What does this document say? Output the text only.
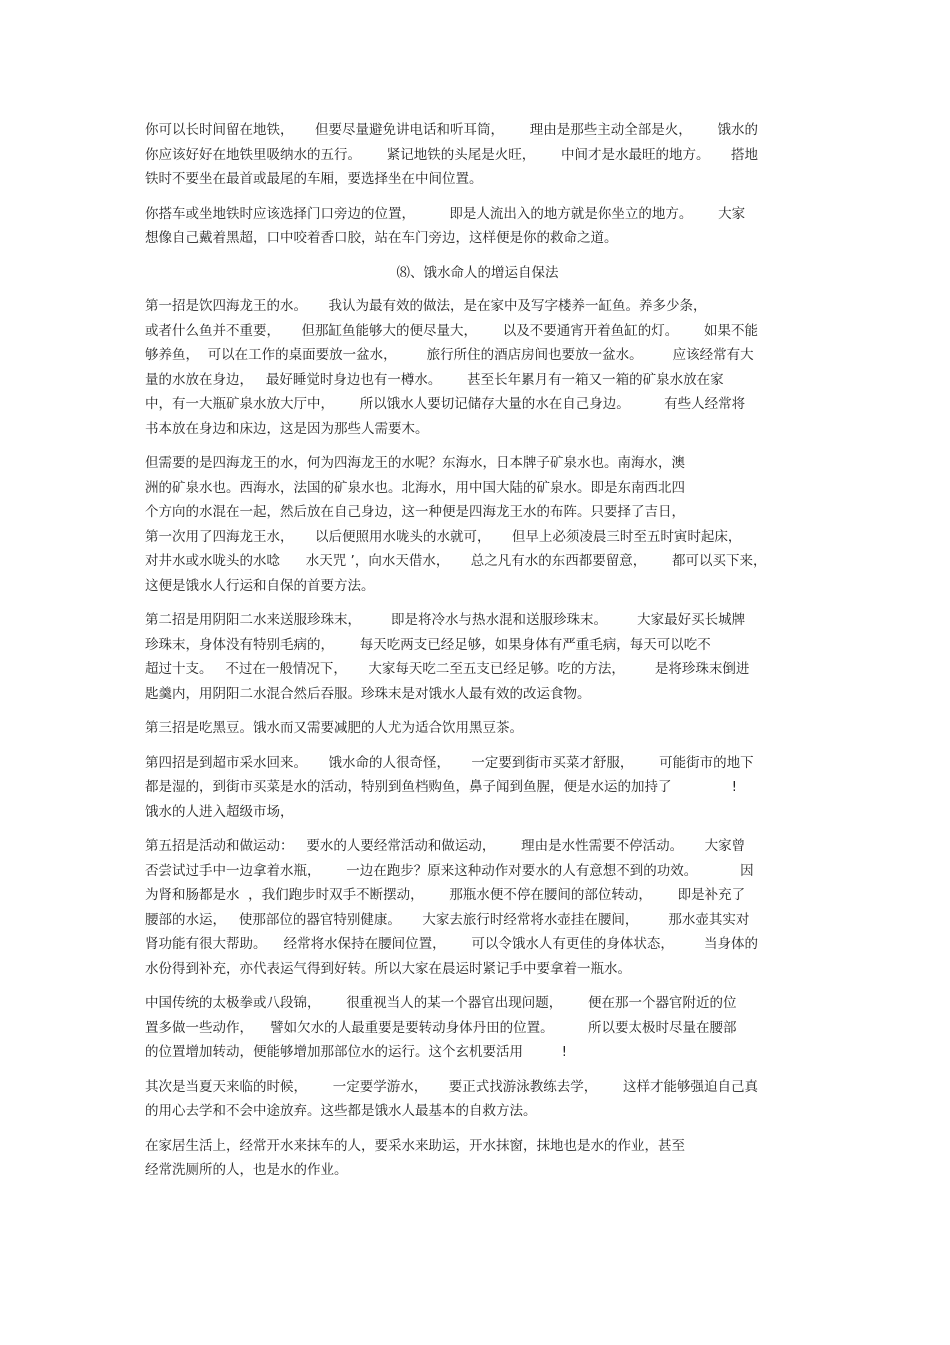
你可以长时间留在地铁，     但要尽量避免讲电话和听耳筒，      理由是那些主动全部是火，      饿水的
你应该好好在地铁里吸纳水的五行。      紧记地铁的头尾是火旺，      中间才是水最旺的地方。     搭地
铁时不要坐在最首或最尾的车厢，要选择坐在中间位置。
你搭车或坐地铁时应该选择门口旁边的位置，        即是人流出入的地方就是你坐立的地方。      大家
想像自己戴着黑超，口中咬着香口胶，站在车门旁边，这样便是你的救命之道。
⑻、饿水命人的增运自保法
第一招是饮四海龙王的水。     我认为最有效的做法，是在家中及写字楼养一缸鱼。养多少条，
或者什么鱼并不重要，     但那缸鱼能够大的便尽量大，      以及不要通宵开着鱼缸的灯。      如果不能
够养鱼，  可以在工作的桌面要放一盆水，       旅行所住的酒店房间也要放一盆水。       应该经常有大
量的水放在身边，   最好睡觉时身边也有一樽水。      甚至长年累月有一箱又一箱的矿泉水放在家
中，有一大瓶矿泉水放大厅中，      所以饿水人要切记储存大量的水在自己身边。        有些人经常将
书本放在身边和床边，这是因为那些人需要木。
但需要的是四海龙王的水，何为四海龙王的水呢？东海水，日本牌子矿泉水也。南海水，澳
洲的矿泉水也。西海水，法国的矿泉水也。北海水，用中国大陆的矿泉水。即是东南西北四
个方向的水混在一起，然后放在自己身边，这一种便是四海龙王水的布阵。只要择了吉日，
第一次用了四海龙王水，     以后便照用水咙头的水就可，     但早上必须凌晨三时至五时寅时起床，
对井水或水咙头的水唸      水天咒 ’，向水天借水，     总之凡有水的东西都要留意，      都可以买下来，
这便是饿水人行运和自保的首要方法。
第二招是用阴阳二水来送服珍珠末，       即是将冷水与热水混和送服珍珠末。       大家最好买长城牌
珍珠末，身体没有特别毛病的，      每天吃两支已经足够，如果身体有严重毛病，每天可以吃不
超过十支。   不过在一般情况下，     大家每天吃二至五支已经足够。吃的方法，       是将珍珠末倒进
匙羹内，用阴阳二水混合然后吞服。珍珠末是对饿水人最有效的改运食物。
第三招是吃黑豆。饿水而又需要减肥的人尤为适合饮用黑豆茶。
第四招是到超市采水回来。     饿水命的人很奇怪，     一定要到街市买菜才舒服，      可能街市的地下
都是湿的，到街市买菜是水的活动，特别到鱼档购鱼，鼻子闻到鱼腥，便是水运的加持了              !
饿水的人进入超级市场，
第五招是活动和做运动：   要水的人要经常活动和做运动，      理由是水性需要不停活动。     大家曾
否尝试过手中一边拿着水瓶，      一边在跑步？原来这种动作对要水的人有意想不到的功效。          因
为肾和肠都是水  ，我们跑步时双手不断摆动，      那瓶水便不停在腰间的部位转动，      即是补充了
腰部的水运，   使那部位的器官特别健康。     大家去旅行时经常将水壶挂在腰间，       那水壶其实对
肾功能有很大帮助。    经常将水保持在腰间位置，      可以令饿水人有更佳的身体状态，       当身体的
水份得到补充，亦代表运气得到好转。所以大家在晨运时紧记手中要拿着一瓶水。
中国传统的太极拳或八段锦，      很重视当人的某一个器官出现问题，      便在那一个器官附近的位
置多做一些动作，    譬如欠水的人最重要是要转动身体丹田的位置。        所以要太极时尽量在腰部
的位置增加转动，便能够增加那部位水的运行。这个玄机要活用         !
其次是当夏天来临的时候，      一定要学游水，     要正式找游泳教练去学，      这样才能够强迫自己真
的用心去学和不会中途放弃。这些都是饿水人最基本的自救方法。
在家居生活上，经常开水来抹车的人，要采水来助运，开水抹窗，抹地也是水的作业，甚至
经常洗厕所的人，也是水的作业。
